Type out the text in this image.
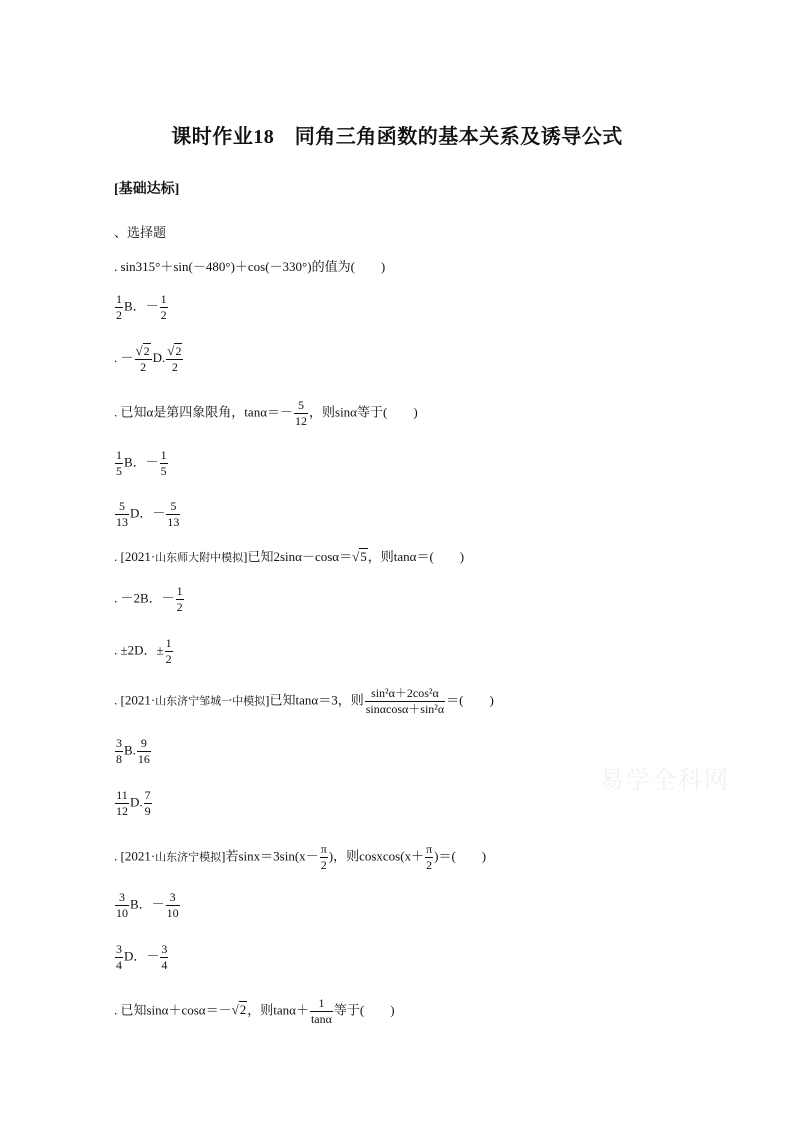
课时作业18　同角三角函数的基本关系及诱导公式
[基础达标]
、选择题
. sin315°＋sin(－480°)＋cos(－330°)的值为(　　)
$\frac{1}{2}$ B．－ $\frac{1}{2}$
. － $\frac{√2}{2} D$. $\frac{√2}{2}$
. 已知α是第四象限角，$\tan\alpha=- \frac{5}{12}$ ，则sinα等于(　　)
$\frac{1}{5}$ B．－ $\frac{1}{5}$
$\frac{5}{13}$ D．－ $\frac{5}{13}$
. [2021·山东师大附中模拟]已知2sinα－cosα＝√5，则tanα＝(　　)
. －2B．－ $\frac{1}{2}$
. ±2D．± $\frac{1}{2}$
. [2021·山东济宁邹城一中模拟]已知tanα＝3，则 $\frac{\text{sin²α＋2cos²α}}{\text{sinαcosα＋sin²α}}$ ＝(　　)
$\frac{3}{8} B$. $\frac{9}{16}$
$\frac{11}{12} D$. $\frac{7}{9}$
. [2021·山东济宁模拟]若$\sin x=3\sin(x- \frac{\pi}{2}$ )，则cosxcos(x＋ $\frac{\pi}{2}$ )＝(　　)
$\frac{3}{10}$ B．－ $\frac{3}{10}$
$\frac{3}{4}$ D．－ $\frac{3}{4}$
. 已知sinα＋cosα＝－√2，则$\tan\alpha+ \frac{1}{\tan\alpha}$ 等于(　　)
易学全科网
